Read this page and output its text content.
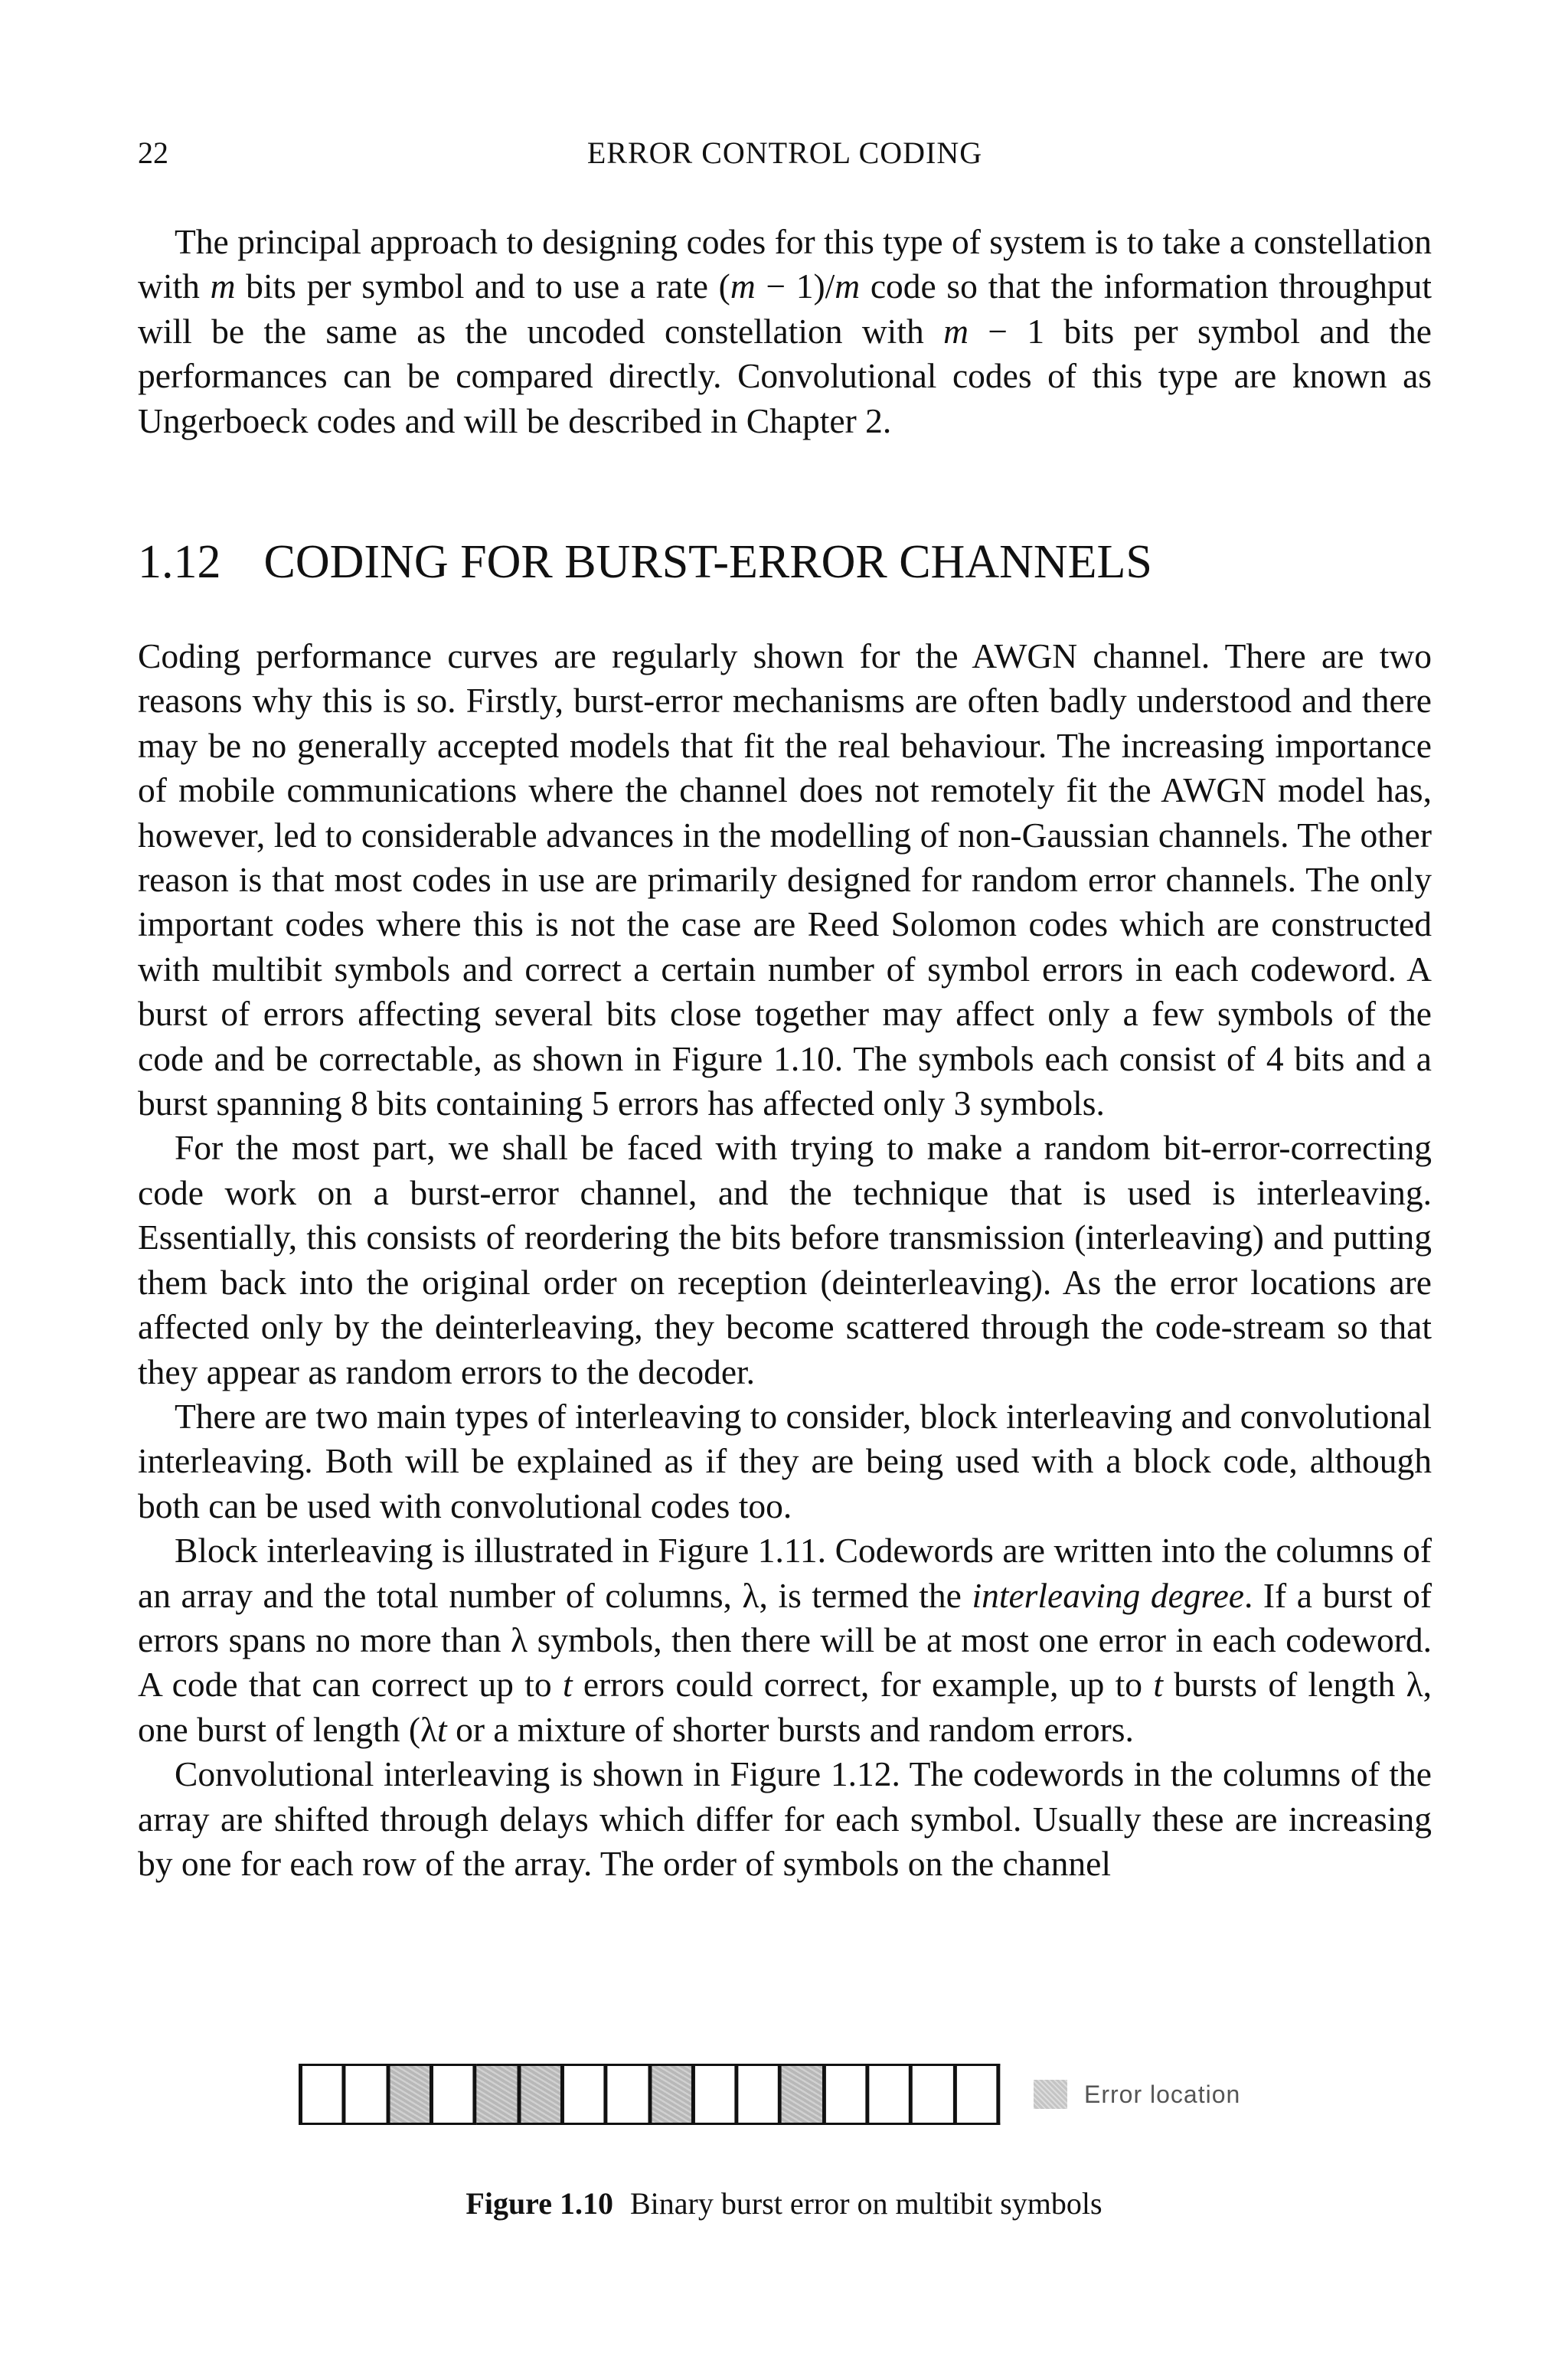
22	ERROR CONTROL CODING

The principal approach to designing codes for this type of system is to take a constellation with m bits per symbol and to use a rate (m − 1)/m code so that the information throughput will be the same as the uncoded constellation with m − 1 bits per symbol and the performances can be compared directly. Convolutional codes of this type are known as Ungerboeck codes and will be described in Chapter 2.

1.12 CODING FOR BURST-ERROR CHANNELS

Coding performance curves are regularly shown for the AWGN channel. There are two reasons why this is so. Firstly, burst-error mechanisms are often badly understood and there may be no generally accepted models that fit the real behaviour. The increasing importance of mobile communications where the channel does not remotely fit the AWGN model has, however, led to considerable advances in the modelling of non-Gaussian channels. The other reason is that most codes in use are primarily designed for random error channels. The only important codes where this is not the case are Reed Solomon codes which are constructed with multibit symbols and correct a certain number of symbol errors in each codeword. A burst of errors affecting several bits close together may affect only a few symbols of the code and be correctable, as shown in Figure 1.10. The symbols each consist of 4 bits and a burst spanning 8 bits containing 5 errors has affected only 3 symbols.

For the most part, we shall be faced with trying to make a random bit-error-correcting code work on a burst-error channel, and the technique that is used is interleaving. Essentially, this consists of reordering the bits before transmission (interleaving) and putting them back into the original order on reception (deinterleaving). As the error locations are affected only by the deinterleaving, they become scattered through the code-stream so that they appear as random errors to the decoder.

There are two main types of interleaving to consider, block interleaving and convolutional interleaving. Both will be explained as if they are being used with a block code, although both can be used with convolutional codes too.

Block interleaving is illustrated in Figure 1.11. Codewords are written into the columns of an array and the total number of columns, λ, is termed the interleaving degree. If a burst of errors spans no more than λ symbols, then there will be at most one error in each codeword. A code that can correct up to t errors could correct, for example, up to t bursts of length λ, one burst of length (λt or a mixture of shorter bursts and random errors.

Convolutional interleaving is shown in Figure 1.12. The codewords in the columns of the array are shifted through delays which differ for each symbol. Usually these are increasing by one for each row of the array. The order of symbols on the channel

Error location
Figure 1.10 Binary burst error on multibit symbols
